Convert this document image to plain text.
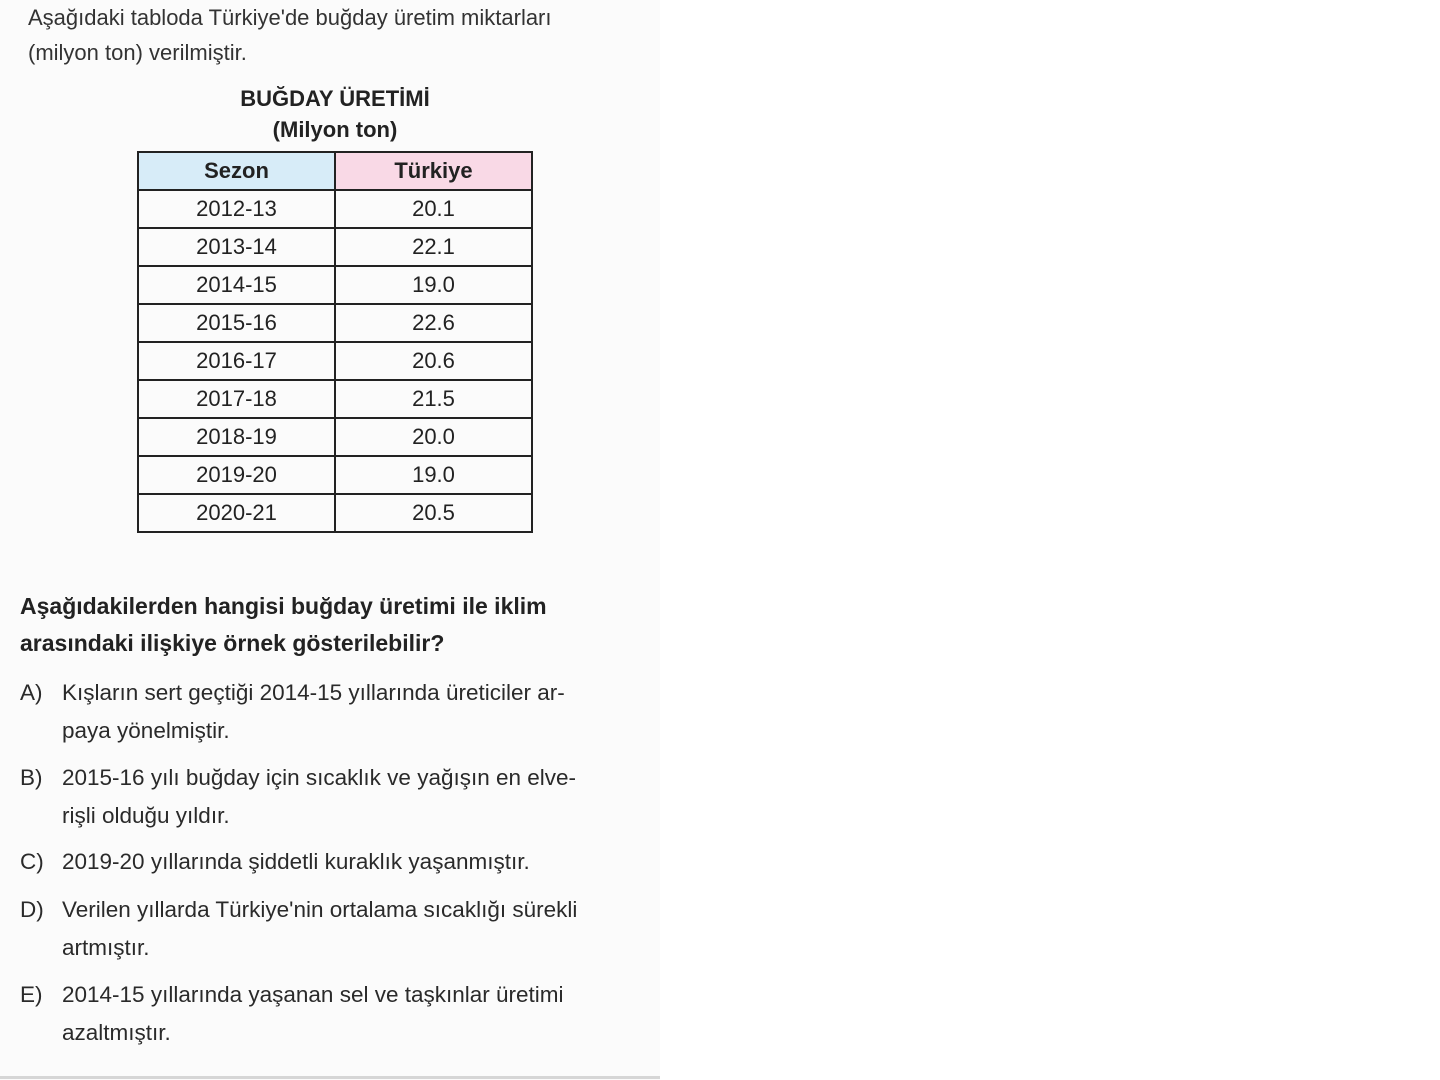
Aşağıdaki tabloda Türkiye'de buğday üretim miktarları
(milyon ton) verilmiştir.
BUĞDAY ÜRETİMİ
(Milyon ton)
Sezon	Türkiye
2012-13	20.1
2013-14	22.1
2014-15	19.0
2015-16	22.6
2016-17	20.6
2017-18	21.5
2018-19	20.0
2019-20	19.0
2020-21	20.5
Aşağıdakilerden hangisi buğday üretimi ile iklim
arasındaki ilişkiye örnek gösterilebilir?
A) Kışların sert geçtiği 2014-15 yıllarında üreticiler ar-
paya yönelmiştir.
B) 2015-16 yılı buğday için sıcaklık ve yağışın en elve-
rişli olduğu yıldır.
C) 2019-20 yıllarında şiddetli kuraklık yaşanmıştır.
D) Verilen yıllarda Türkiye'nin ortalama sıcaklığı sürekli
artmıştır.
E) 2014-15 yıllarında yaşanan sel ve taşkınlar üretimi
azaltmıştır.
